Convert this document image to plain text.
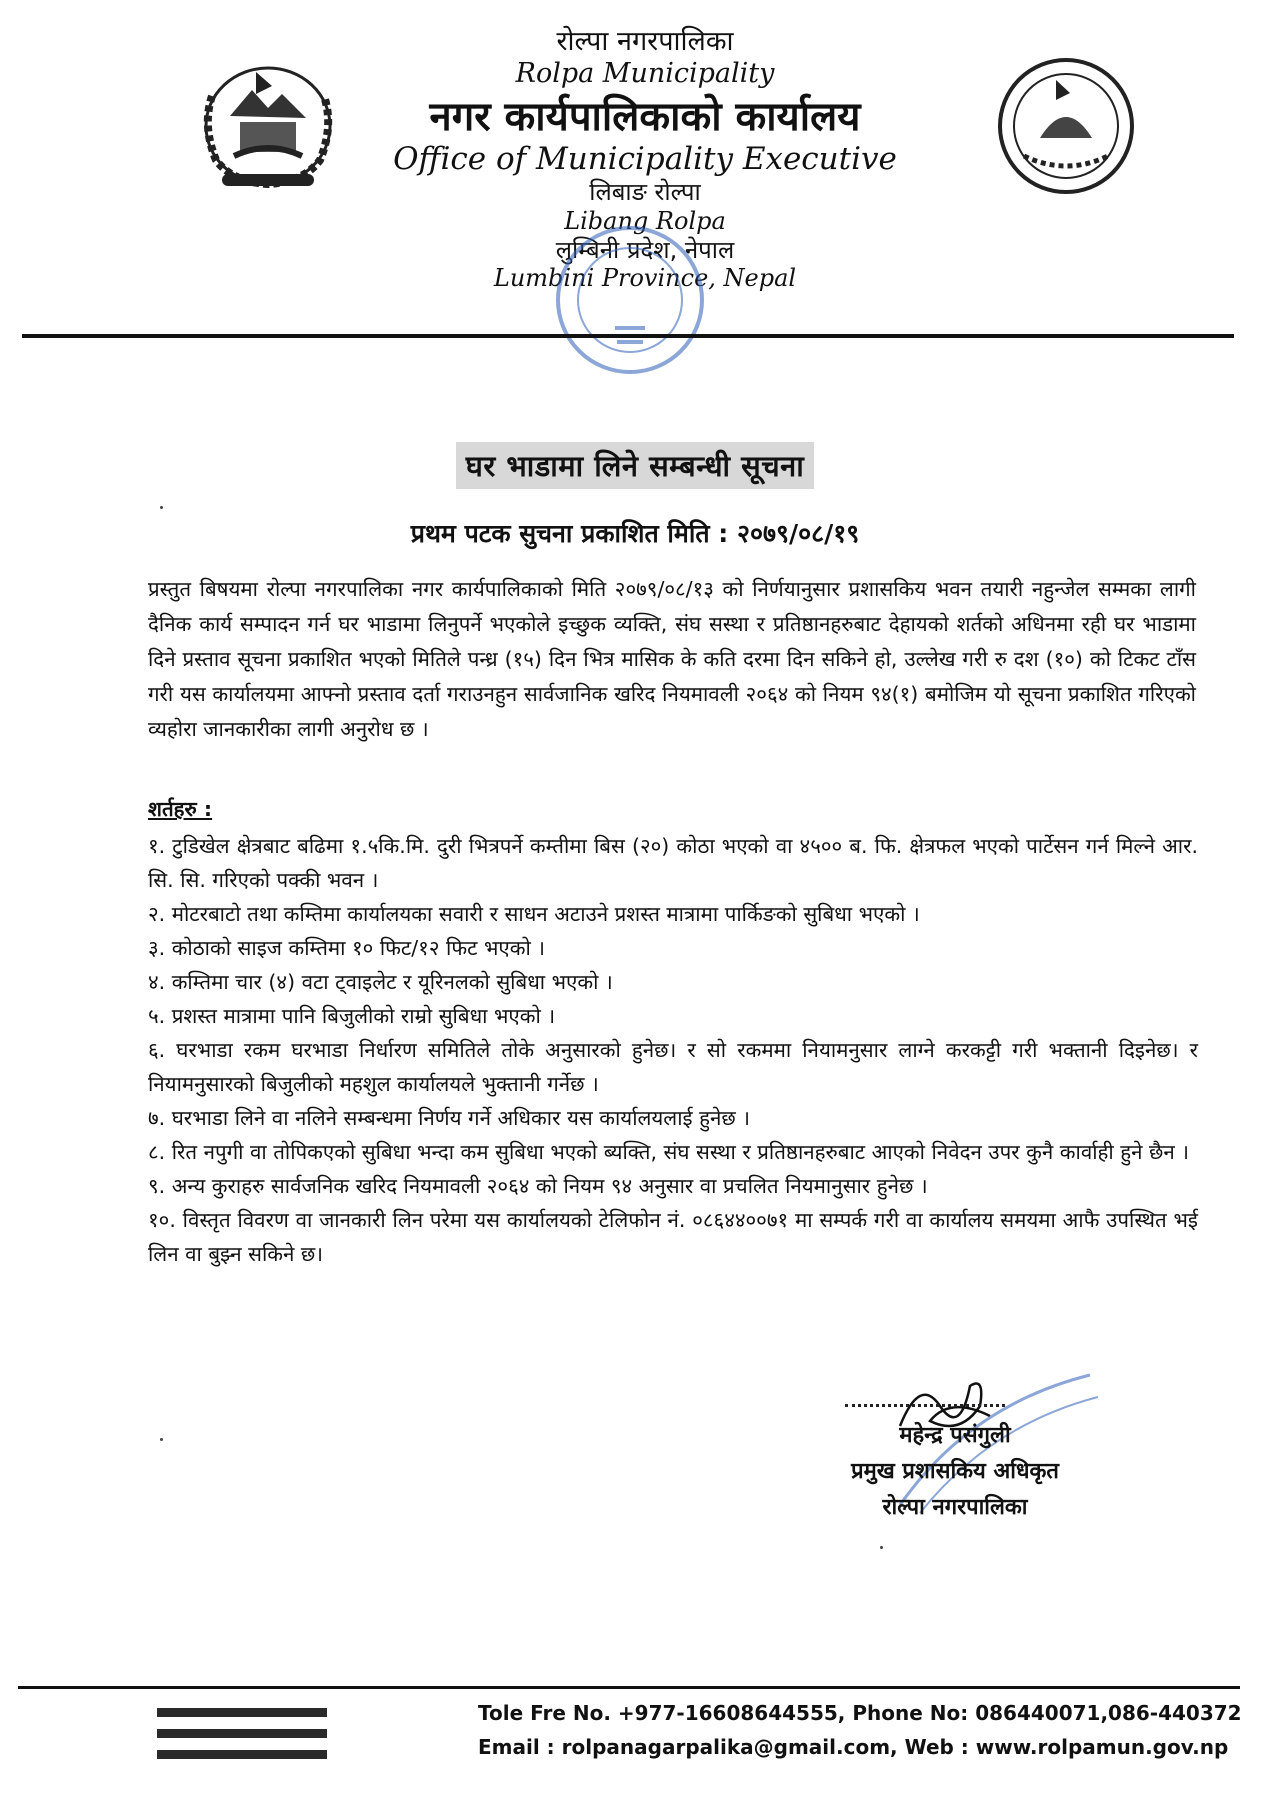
रोल्पा नगरपालिका

Rolpa Municipality

नगर कार्यपालिकाको कार्यालय

Office of Municipality Executive

लिबाङ रोल्पा

Libang Rolpa

लुम्बिनी प्रदेश, नेपाल

Lumbini Province, Nepal

घर भाडामा लिने सम्बन्धी सूचना
प्रथम पटक सुचना प्रकाशित मिति : २०७९/०८/१९
प्रस्तुत बिषयमा रोल्पा नगरपालिका नगर कार्यपालिकाको मिति २०७९/०८/१३ को निर्णयानुसार प्रशासकिय भवन तयारी नहुन्जेल सम्मका लागी दैनिक कार्य सम्पादन गर्न घर भाडामा लिनुपर्ने भएकोले इच्छुक व्यक्ति, संघ सस्था र प्रतिष्ठानहरुबाट देहायको शर्तको अधिनमा रही घर भाडामा दिने प्रस्ताव सूचना प्रकाशित भएको मितिले पन्ध्र (१५) दिन भित्र मासिक के कति दरमा दिन सकिने हो, उल्लेख गरी रु दश (१०) को टिकट टाँस गरी यस कार्यालयमा आफ्नो प्रस्ताव दर्ता गराउनहुन सार्वजानिक खरिद नियमावली २०६४ को नियम ९४(१) बमोजिम यो सूचना प्रकाशित गरिएको व्यहोरा जानकारीका लागी अनुरोध छ ।
शर्तहरु :
१. टुडिखेल क्षेत्रबाट बढिमा १.५कि.मि. दुरी भित्रपर्ने कम्तीमा बिस (२०) कोठा भएको वा ४५०० ब. फि. क्षेत्रफल भएको पार्टेसन गर्न मिल्ने आर. सि. सि. गरिएको पक्की भवन ।
२. मोटरबाटो तथा कम्तिमा कार्यालयका सवारी र साधन अटाउने प्रशस्त मात्रामा पार्किङको सुबिधा भएको ।
३. कोठाको साइज कम्तिमा १० फिट/१२ फिट भएको ।
४. कम्तिमा चार (४) वटा ट्वाइलेट र यूरिनलको सुबिधा भएको ।
५. प्रशस्त मात्रामा पानि बिजुलीको राम्रो सुबिधा भएको ।
६. घरभाडा रकम घरभाडा निर्धारण समितिले तोके अनुसारको हुनेछ। र सो रकममा नियामनुसार लाग्ने करकट्टी गरी भक्तानी दिइनेछ। र नियामनुसारको बिजुलीको महशुल कार्यालयले भुक्तानी गर्नेछ ।
७. घरभाडा लिने वा नलिने सम्बन्धमा निर्णय गर्ने अधिकार यस कार्यालयलाई हुनेछ ।
८. रित नपुगी वा तोपिकएको सुबिधा भन्दा कम सुबिधा भएको ब्यक्ति, संघ सस्था र प्रतिष्ठानहरुबाट आएको निवेदन उपर कुनै कार्वाही हुने छैन ।
९. अन्य कुराहरु सार्वजनिक खरिद नियमावली २०६४ को नियम ९४ अनुसार वा प्रचलित नियमानुसार हुनेछ ।
१०. विस्तृत विवरण वा जानकारी लिन परेमा यस कार्यालयको टेलिफोन नं. ०८६४४००७१ मा सम्पर्क गरी वा कार्यालय समयमा आफै उपस्थित भई लिन वा बुझ्न सकिने छ।
महेन्द्र पसंगुली
प्रमुख प्रशासकिय अधिकृत
रोल्पा नगरपालिका
Tole Fre No. +977-16608644555, Phone No: 086440071,086-440372
Email : rolpanagarpalika@gmail.com, Web : www.rolpamun.gov.np
